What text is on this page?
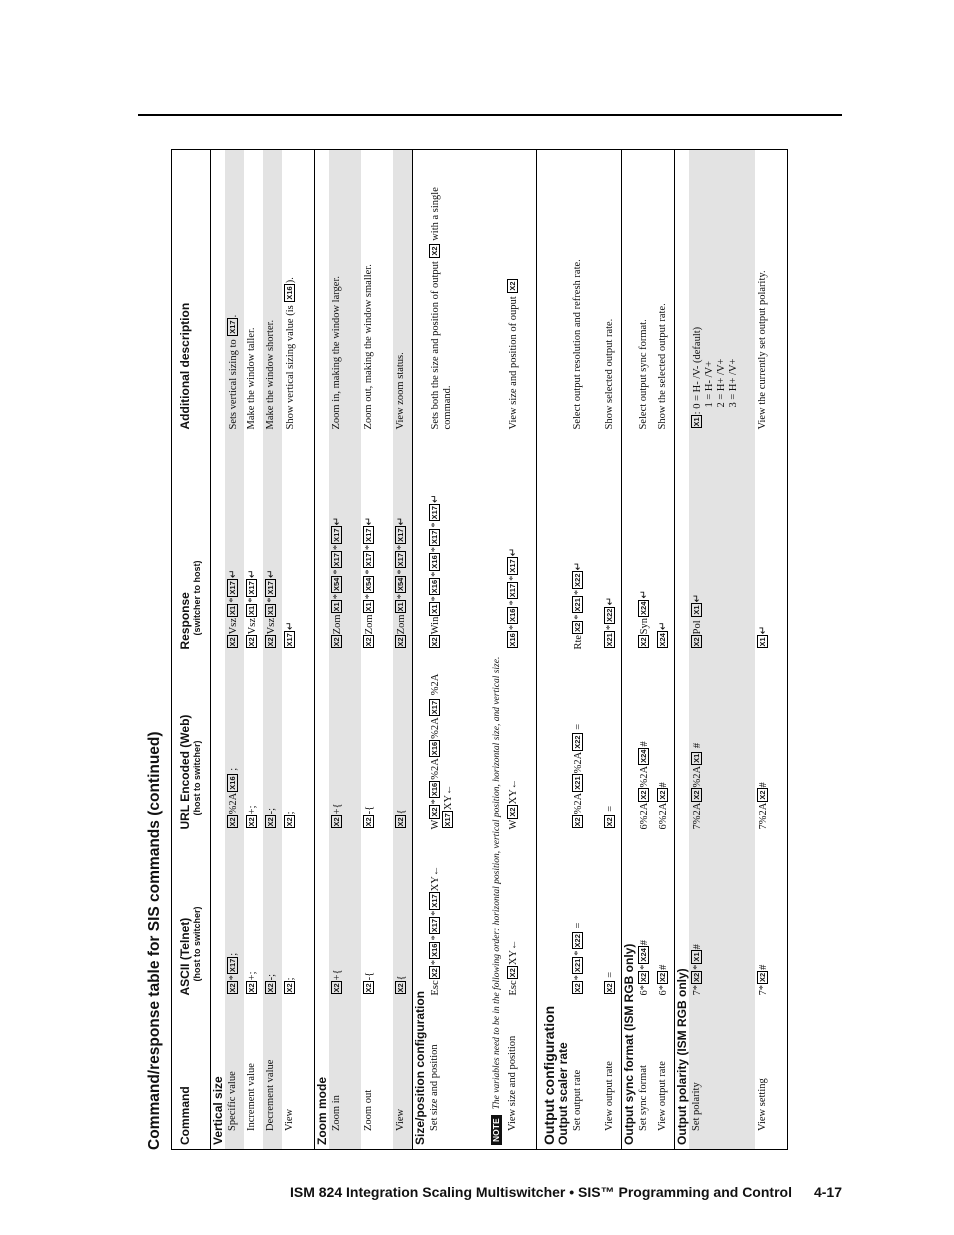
Command/response table for SIS commands (continued)	Command	ASCII (Telnet) (host to switcher)	URL Encoded (Web) (host to switcher)	Response (switcher to host)	Additional description
Vertical size				
Specific value	X2*X17;	X2%2AX16 ;	X2VszX1*X17↵	Sets vertical sizing to X17.
Increment value	X2+;	X2+;	X2VszX1*X17↵	Make the window taller.
Decrement value	X2-;	X2-;	X2VszX1*X17↵	Make the window shorter.
View	X2;	X2;	X17↵	Show vertical sizing value (is X16).
Zoom mode				
Zoom in	X2+{	X2+{	X2ZomX1*X54*X17*X17↵	Zoom in, making the window larger.
Zoom out	X2-{	X2-{	X2ZomX1*X54*X17*X17↵	Zoom out, making the window smaller.
View	X2{	X2{	X2ZomX1*X54*X17*X17↵	View zoom status.
Size/position configuration				
Set size and position	EscX2*X16*X17*X17XY←	WX2*X16%2AX16%2AX17 %2AX17XY←	X2WinX1*X16*X16*X17*X17↵	Sets both the size and position of output X2 with a single command.
NOTEThe variables need to be in the following order: horizontal position, vertical position, horizontal size, and vertical size.				
View size and position	EscX2XY←	WX2XY←	X16*X16*X17*X17↵	View size and position of ouput X2
Output configuration				
Output scaler rate				
Set output rate	X2*X21*X22 =	X2%2AX21%2AX22 =	RteX2*X21*X22↵	Select output resolution and refresh rate.
View output rate	X2 =	X2 =	X21*X22↵	Show selected output rate.
Output sync format (ISM RGB only)				
Set sync format	6*X2*X24#	6%2AX2%2AX24#	X2SynX24↵	Select output sync format.
View output rate	6*X2#	6%2AX2#	X24↵	Show the selected output rate.
Output polarity (ISM RGB only)				
Set polarity	7*X2*X1#	7%2AX2%2AX1 #	X2Pol X1↵	X1: 0 = H- /V- (default) 1 = H- /V+ 2 = H+ /V+ 3 = H+ /V+

View setting	7*X2#	7%2AX2#	X1↵	View the currently set output polarity.
ISM 824 Integration Scaling Multiswitcher • SIS™ Programming and Control 4-17
